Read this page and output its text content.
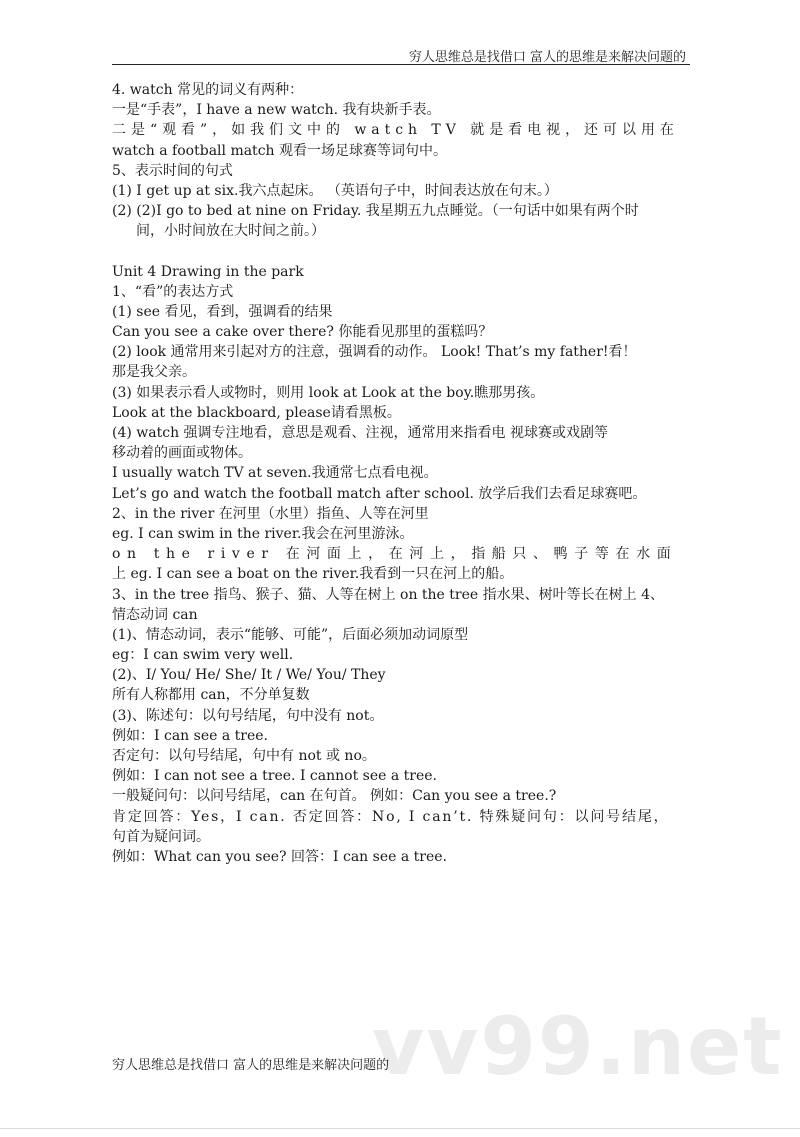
穷人思维总是找借口 富人的思维是来解决问题的
4. watch 常见的词义有两种：
一是“手表”，I have a new watch. 我有块新手表。
二是“观看”，如我们文中的 watch TV 就是看电视，还可以用在
watch a football match 观看一场足球赛等词句中。
5、表示时间的句式
(1) I get up at six.我六点起床。 （英语句子中，时间表达放在句末。）
(2) (2)I go to bed at nine on Friday. 我星期五九点睡觉。（一句话中如果有两个时
间，小时间放在大时间之前。）
Unit 4 Drawing in the park
1、“看”的表达方式
(1) see 看见，看到，强调看的结果
Can you see a cake over there? 你能看见那里的蛋糕吗？
(2) look 通常用来引起对方的注意，强调看的动作。 Look! That’s my father!看！
那是我父亲。
(3) 如果表示看人或物时，则用 look at Look at the boy.瞧那男孩。
Look at the blackboard, please请看黑板。
(4) watch 强调专注地看，意思是观看、注视，通常用来指看电 视球赛或戏剧等
移动着的画面或物体。
I usually watch TV at seven.我通常七点看电视。
Let’s go and watch the football match after school. 放学后我们去看足球赛吧。
2、in the river 在河里（水里）指鱼、人等在河里
eg. I can swim in the river.我会在河里游泳。
on the river 在河面上，在河上，指船只、鸭子等在水面
上 eg. I can see a boat on the river.我看到一只在河上的船。
3、in the tree 指鸟、猴子、猫、人等在树上 on the tree 指水果、树叶等长在树上 4、
情态动词 can
(1)、情态动词，表示“能够、可能”，后面必须加动词原型
eg：I can swim very well.
(2)、I/ You/ He/ She/ It / We/ You/ They
所有人称都用 can，不分单复数
(3)、陈述句：以句号结尾，句中没有 not。
例如：I can see a tree.
否定句：以句号结尾，句中有 not 或 no。
例如：I can not see a tree. I cannot see a tree.
一般疑问句：以问号结尾，can 在句首。 例如：Can you see a tree.?
肯定回答：Yes，I can. 否定回答：No, I can’t. 特殊疑问句：以问号结尾，
句首为疑问词。
例如：What can you see? 回答：I can see a tree.
vv99.net
穷人思维总是找借口 富人的思维是来解决问题的
